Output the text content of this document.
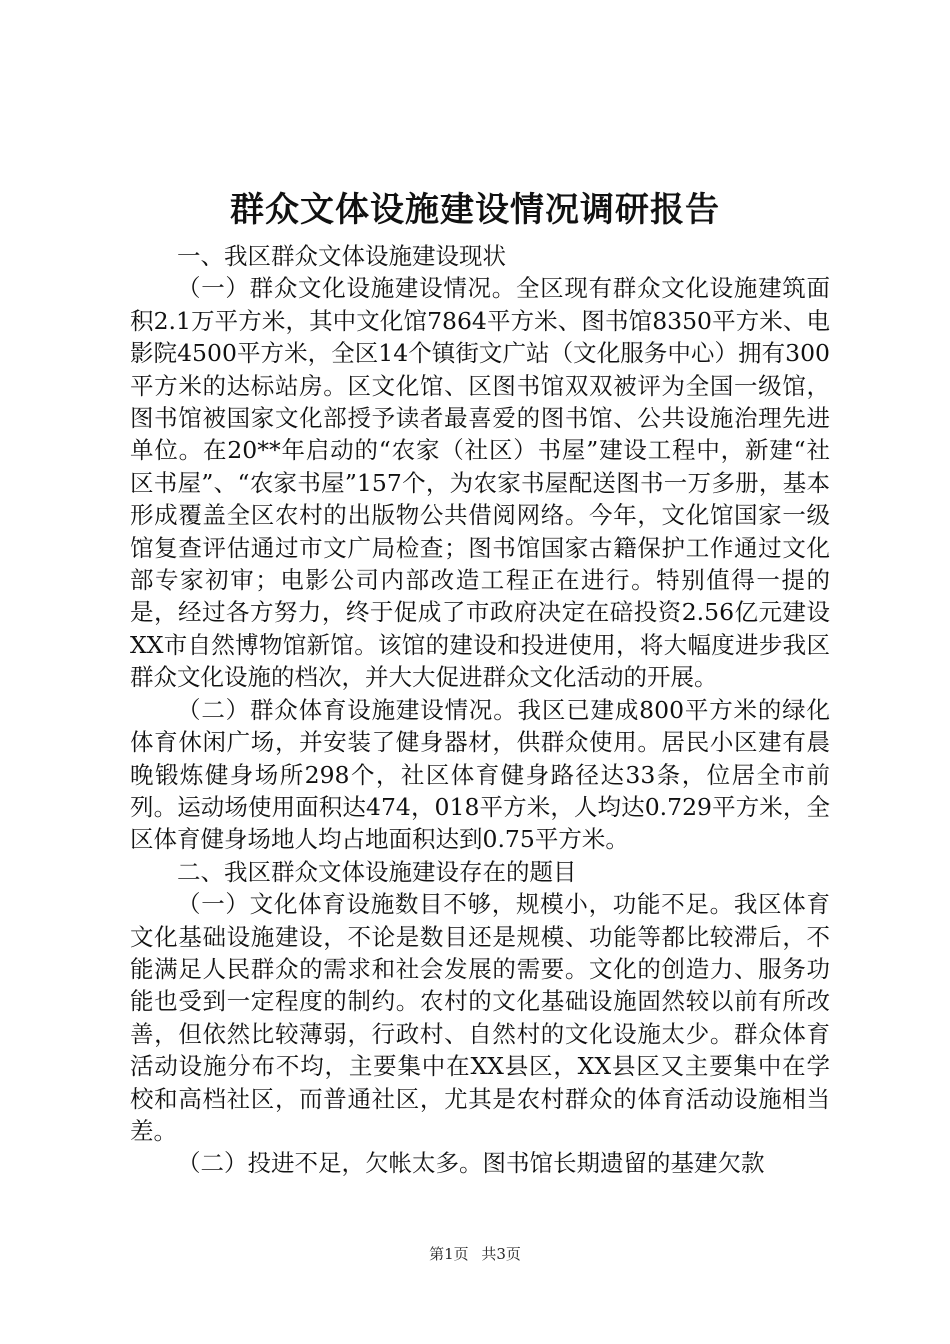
群众文体设施建设情况调研报告

一、我区群众文体设施建设现状

（一）群众文化设施建设情况。全区现有群众文化设施建筑面积2.1万平方米，其中文化馆7864平方米、图书馆8350平方米、电影院4500平方米，全区14个镇街文广站（文化服务中心）拥有300平方米的达标站房。区文化馆、区图书馆双双被评为全国一级馆，图书馆被国家文化部授予读者最喜爱的图书馆、公共设施治理先进单位。在20**年启动的“农家（社区）书屋”建设工程中，新建“社区书屋”、“农家书屋”157个，为农家书屋配送图书一万多册，基本形成覆盖全区农村的出版物公共借阅网络。今年，文化馆国家一级馆复查评估通过市文广局检查；图书馆国家古籍保护工作通过文化部专家初审；电影公司内部改造工程正在进行。特别值得一提的是，经过各方努力，终于促成了市政府决定在碚投资2.56亿元建设XX市自然博物馆新馆。该馆的建设和投进使用，将大幅度进步我区群众文化设施的档次，并大大促进群众文化活动的开展。

（二）群众体育设施建设情况。我区已建成800平方米的绿化体育休闲广场，并安装了健身器材，供群众使用。居民小区建有晨晚锻炼健身场所298个，社区体育健身路径达33条，位居全市前列。运动场使用面积达474，018平方米，人均达0.729平方米，全区体育健身场地人均占地面积达到0.75平方米。

二、我区群众文体设施建设存在的题目

（一）文化体育设施数目不够，规模小，功能不足。我区体育文化基础设施建设，不论是数目还是规模、功能等都比较滞后，不能满足人民群众的需求和社会发展的需要。文化的创造力、服务功能也受到一定程度的制约。农村的文化基础设施固然较以前有所改善，但依然比较薄弱，行政村、自然村的文化设施太少。群众体育活动设施分布不均，主要集中在XX县区，XX县区又主要集中在学校和高档社区，而普通社区，尤其是农村群众的体育活动设施相当差。

（二）投进不足，欠帐太多。图书馆长期遗留的基建欠款

第1页 共3页
